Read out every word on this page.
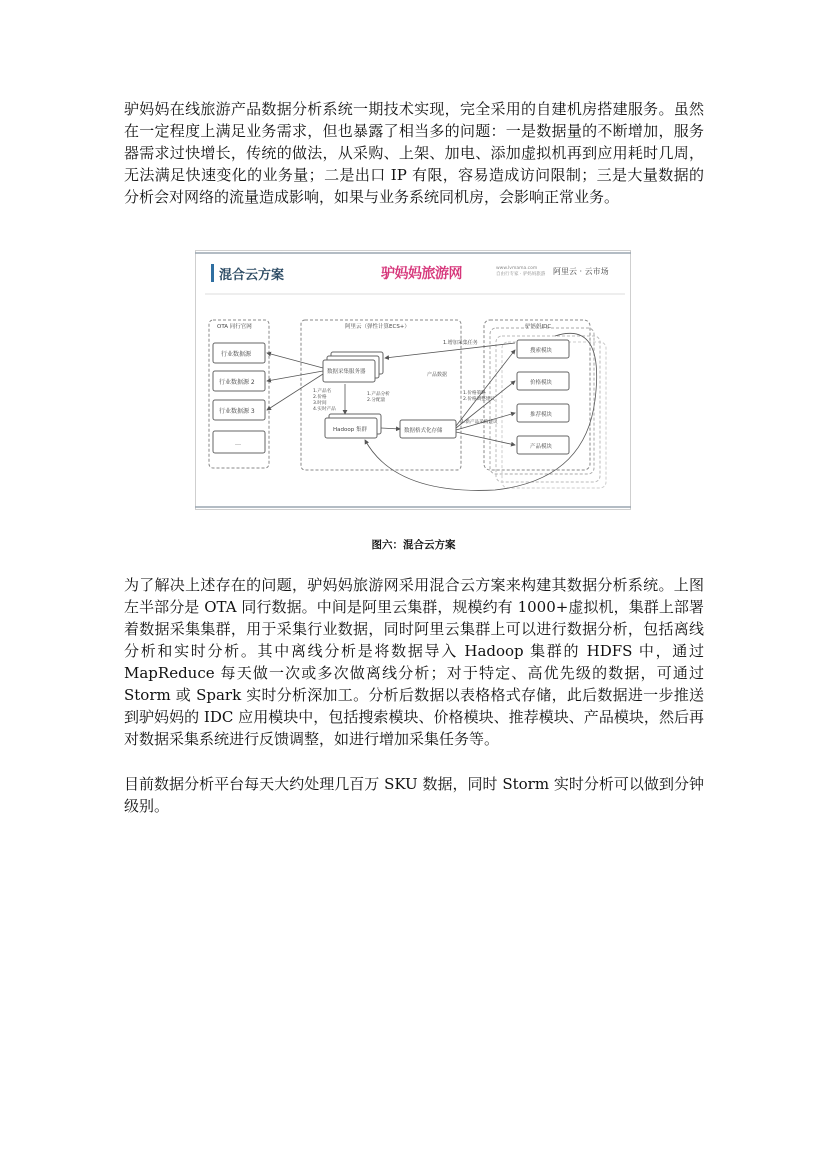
驴妈妈在线旅游产品数据分析系统一期技术实现，完全采用的自建机房搭建服务。虽然在一定程度上满足业务需求，但也暴露了相当多的问题：一是数据量的不断增加，服务器需求过快增长，传统的做法，从采购、上架、加电、添加虚拟机再到应用耗时几周，无法满足快速变化的业务量；二是出口 IP 有限，容易造成访问限制；三是大量数据的分析会对网络的流量造成影响，如果与业务系统同机房，会影响正常业务。

混合云方案	驴妈妈旅游网	www.lvmama.com
自由行专家 · 驴妈妈旅游 阿里云 · 云市场
OTA 同行官网	阿里云（弹性计算ECS+）	驴妈妈IDC
行业数据源
行业数据源 2
行业数据源 3
…
数据采集服务器
Hadoop 集群	数据格式化存储
搜索模块
价格模块
推荐模块
产品模块
1.增加采集任务
产品数据
1.产品名
2.价格
3.时间
4.实时产品
1.产品分析
2.分配量
1.价格策略
2.价格调整建议
1.新产品采购建议

图六：混合云方案

为了解决上述存在的问题，驴妈妈旅游网采用混合云方案来构建其数据分析系统。上图左半部分是 OTA 同行数据。中间是阿里云集群，规模约有 1000+虚拟机，集群上部署着数据采集集群，用于采集行业数据，同时阿里云集群上可以进行数据分析，包括离线分析和实时分析。其中离线分析是将数据导入 Hadoop 集群的 HDFS 中，通过 MapReduce 每天做一次或多次做离线分析；对于特定、高优先级的数据，可通过 Storm 或 Spark 实时分析深加工。分析后数据以表格格式存储，此后数据进一步推送到驴妈妈的 IDC 应用模块中，包括搜索模块、价格模块、推荐模块、产品模块，然后再对数据采集系统进行反馈调整，如进行增加采集任务等。

目前数据分析平台每天大约处理几百万 SKU 数据，同时 Storm 实时分析可以做到分钟级别。
